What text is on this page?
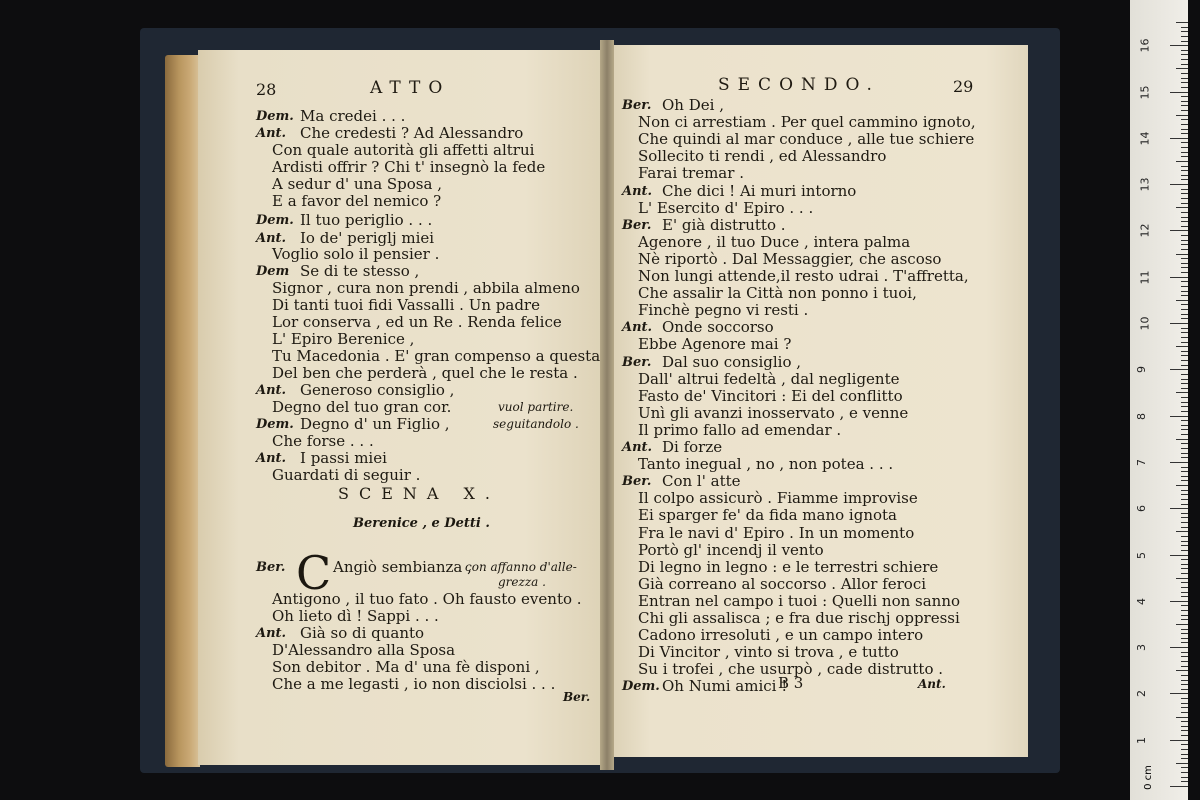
28	ATTO
Dem. Ma credei . . .
Ant. Che credesti ? Ad Alessandro
Con quale autorità gli affetti altrui
Ardisti offrir ? Chi t' insegnò la fede
A sedur d' una Sposa ,
E a favor del nemico ?
Dem. Il tuo periglio . . .
Ant. Io de' periglj miei
Voglio solo il pensier .
Dem Se di te stesso ,
Signor , cura non prendi , abbila almeno
Di tanti tuoi fidi Vassalli . Un padre
Lor conserva , ed un Re . Renda felice
L' Epiro Berenice ,
Tu Macedonia . E' gran compenso a questa
Del ben che perderà , quel che le resta .
Ant. Generoso consiglio ,
Degno del tuo gran cor.	vuol partire.
Dem. Degno d' un Figlio ,	seguitandolo .
Che forse . . .
Ant. I passi miei
Guardati di seguir .
SCENA X.
Berenice , e Detti .
C
Ber.	Angiò sembianza ,
con affanno d'alle-
grezza .
Antigono , il tuo fato . Oh fausto evento .
Oh lieto dì ! Sappi . . .
Ant. Già so di quanto
D'Alessandro alla Sposa
Son debitor . Ma d' una fè disponi ,
Che a me legasti , io non disciolsi . . .
Ber.
SECONDO.	29
Ber. Oh Dei ,
Non ci arrestiam . Per quel cammino ignoto,
Che quindi al mar conduce , alle tue schiere
Sollecito ti rendi , ed Alessandro
Farai tremar .
Ant. Che dici ! Ai muri intorno
L' Esercito d' Epiro . . .
Ber. E' già distrutto .
Agenore , il tuo Duce , intera palma
Nè riportò . Dal Messaggier, che ascoso
Non lungi attende,il resto udrai . T'affretta,
Che assalir la Città non ponno i tuoi,
Finchè pegno vi resti .
Ant. Onde soccorso
Ebbe Agenore mai ?
Ber. Dal suo consiglio ,
Dall' altrui fedeltà , dal negligente
Fasto de' Vincitori : Ei del conflitto
Unì gli avanzi inosservato , e venne
Il primo fallo ad emendar .
Ant. Di forze
Tanto inegual , no , non potea . . .
Ber. Con l' atte
Il colpo assicurò . Fiamme improvise
Ei sparger fe' da fida mano ignota
Fra le navi d' Epiro . In un momento
Portò gl' incendj il vento
Di legno in legno : e le terrestri schiere
Già correano al soccorso . Allor feroci
Entran nel campo i tuoi : Quelli non sanno
Chi gli assalisca ; e fra due rischj oppressi
Cadono irresoluti , e un campo intero
Di Vincitor , vinto si trova , e tutto
Su i trofei , che usurpò , cade distrutto .
Dem. Oh Numi amici !
B 3	Ant.
0 cm
1
2
3
4
5
6
7
8
9
10
11
12
13
14
15
16
